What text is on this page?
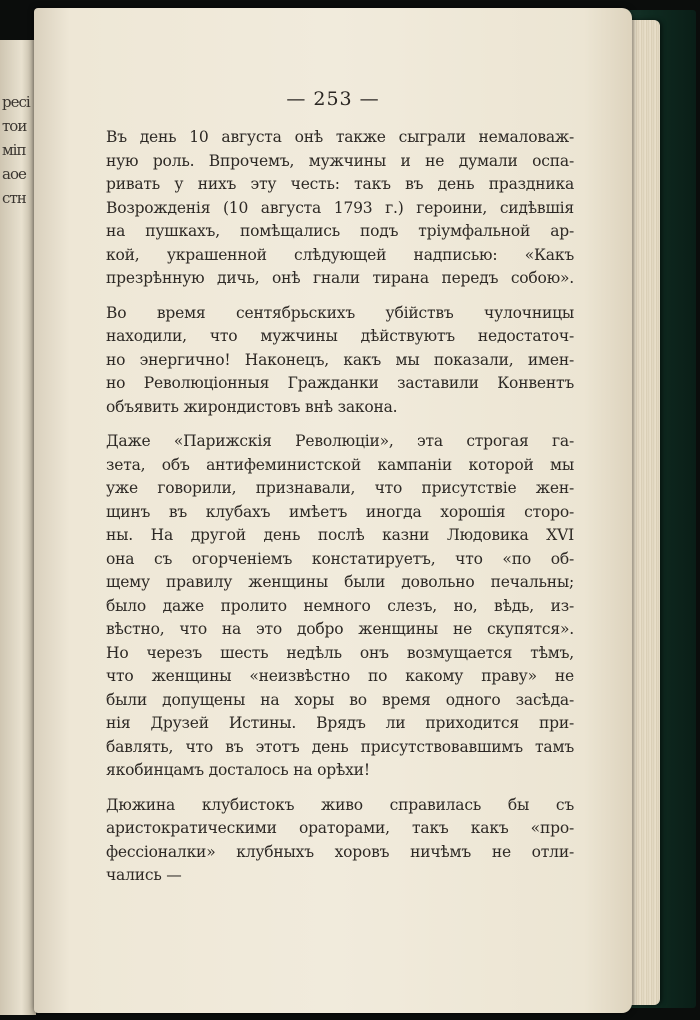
ресiтоимiпаоестн
— 253 —
Въ день 10 августа онѣ также сыграли немаловаж-
ную роль. Впрочемъ, мужчины и не думали оспа-
ривать у нихъ эту честь: такъ въ день праздника
Возрожденiя (10 августа 1793 г.) героини, сидѣвшiя
на пушкахъ, помѣщались подъ трiумфальной ар-
кой, украшенной слѣдующей надписью: «Какъ
презрѣнную дичь, онѣ гнали тирана передъ собою».
Во время сентябрьскихъ убiйствъ чулочницы
находили, что мужчины дѣйствуютъ недостаточ-
но энергично! Наконецъ, какъ мы показали, имен-
но Революцiонныя Гражданки заставили Конвентъ
объявить жирондистовъ внѣ закона.
Даже «Парижскiя Революцiи», эта строгая га-
зета, объ антифеминистской кампанiи которой мы
уже говорили, признавали, что присутствiе жен-
щинъ въ клубахъ имѣетъ иногда хорошiя сторо-
ны. На другой день послѣ казни Людовика XVI
она съ огорченiемъ констатируетъ, что «по об-
щему правилу женщины были довольно печальны;
было даже пролито немного слезъ, но, вѣдь, из-
вѣстно, что на это добро женщины не скупятся».
Но черезъ шесть недѣль онъ возмущается тѣмъ,
что женщины «неизвѣстно по какому праву» не
были допущены на хоры во время одного засѣда-
нiя Друзей Истины. Врядъ ли приходится при-
бавлять, что въ этотъ день присутствовавшимъ тамъ
якобинцамъ досталось на орѣхи!
Дюжина клубистокъ живо справилась бы съ
аристократическими ораторами, такъ какъ «про-
фессiоналки» клубныхъ хоровъ ничѣмъ не отли-
чались —
